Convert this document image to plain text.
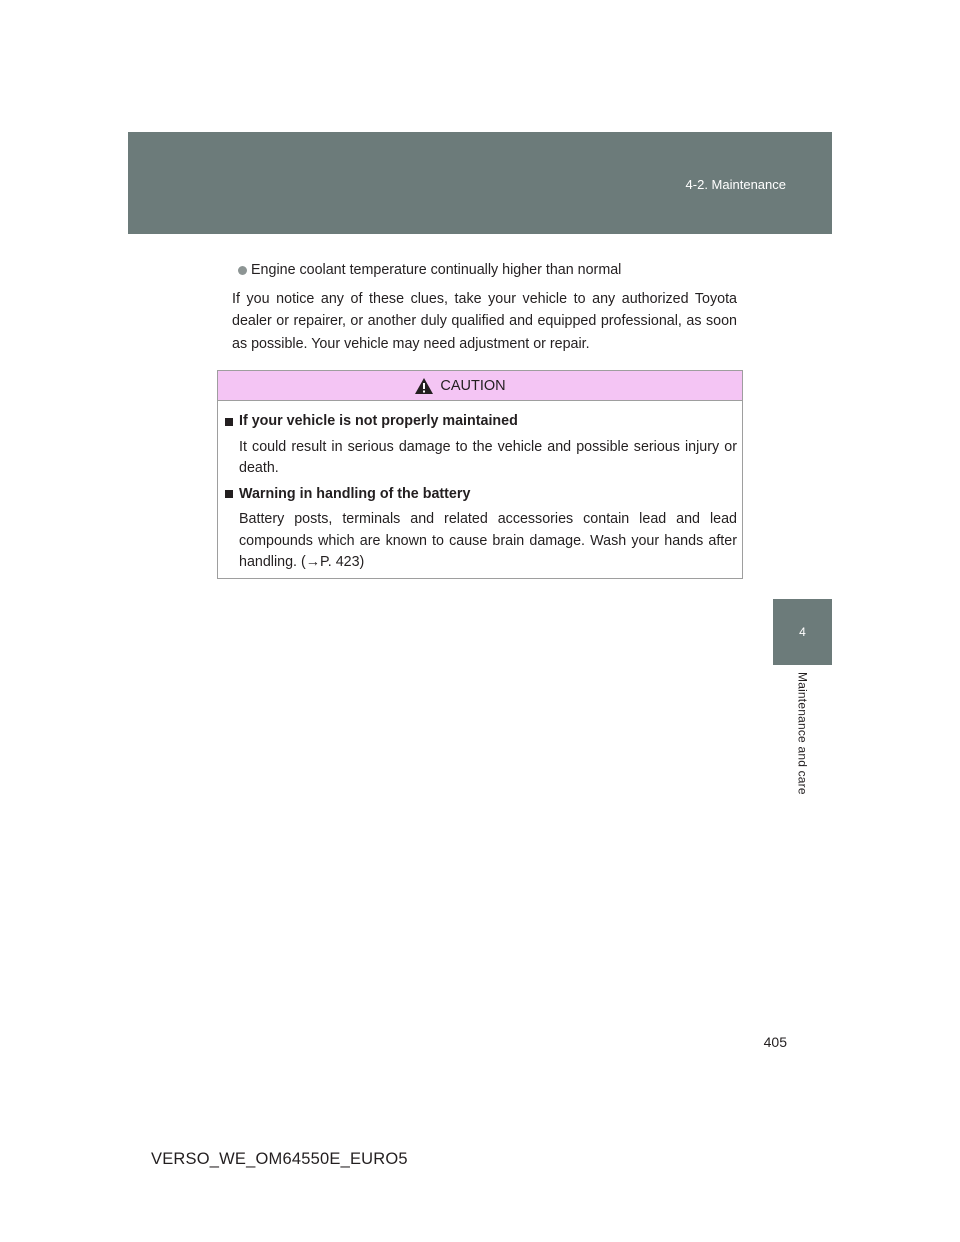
4-2. Maintenance
4
Maintenance and care
Engine coolant temperature continually higher than normal

If you notice any of these clues, take your vehicle to any authorized Toyota dealer or repairer, or another duly qualified and equipped professional, as soon as possible. Your vehicle may need adjustment or repair.

CAUTION
If your vehicle is not properly maintained
It could result in serious damage to the vehicle and possible serious injury or death.
Warning in handling of the battery
Battery posts, terminals and related accessories contain lead and lead compounds which are known to cause brain damage. Wash your hands after handling. (→P. 423)
405
VERSO_WE_OM64550E_EURO5
